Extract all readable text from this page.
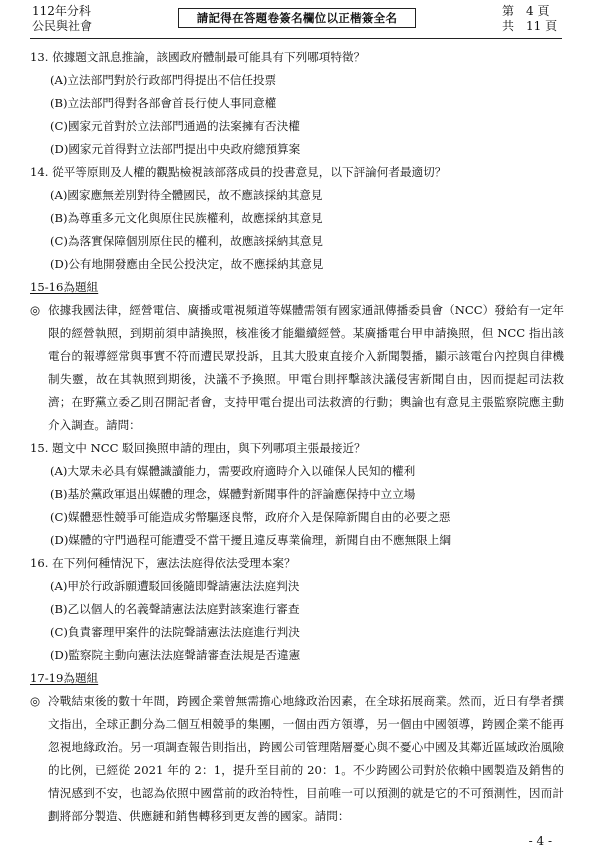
112年分科
公民與社會
請記得在答題卷簽名欄位以正楷簽全名	第　4 頁
共　11 頁
13. 依據題文訊息推論，該國政府體制最可能具有下列哪項特徵？
(A)立法部門對於行政部門得提出不信任投票
(B)立法部門得對各部會首長行使人事同意權
(C)國家元首對於立法部門通過的法案擁有否決權
(D)國家元首得對立法部門提出中央政府總預算案
14. 從平等原則及人權的觀點檢視該部落成員的投書意見，以下評論何者最適切？
(A)國家應無差別對待全體國民，故不應該採納其意見
(B)為尊重多元文化與原住民族權利，故應採納其意見
(C)為落實保障個別原住民的權利，故應該採納其意見
(D)公有地開發應由全民公投決定，故不應採納其意見
15-16為題組
◎ 依據我國法律，經營電信、廣播或電視頻道等媒體需領有國家通訊傳播委員會（NCC）發給有一定年限的經營執照，到期前須申請換照，核准後才能繼續經營。某廣播電台甲申請換照，但 NCC 指出該電台的報導經常與事實不符而遭民眾投訴，且其大股東直接介入新聞製播，顯示該電台內控與自律機制失靈，故在其執照到期後，決議不予換照。甲電台則抨擊該決議侵害新聞自由，因而提起司法救濟；在野黨立委乙則召開記者會，支持甲電台提出司法救濟的行動；輿論也有意見主張監察院應主動介入調查。請問：
15. 題文中 NCC 駁回換照申請的理由，與下列哪項主張最接近？
(A)大眾未必具有媒體識讀能力，需要政府適時介入以確保人民知的權利
(B)基於黨政軍退出媒體的理念，媒體對新聞事件的評論應保持中立立場
(C)媒體惡性競爭可能造成劣幣驅逐良幣，政府介入是保障新聞自由的必要之惡
(D)媒體的守門過程可能遭受不當干擾且違反專業倫理，新聞自由不應無限上綱
16. 在下列何種情況下，憲法法庭得依法受理本案？
(A)甲於行政訴願遭駁回後隨即聲請憲法法庭判決
(B)乙以個人的名義聲請憲法法庭對該案進行審查
(C)負責審理甲案件的法院聲請憲法法庭進行判決
(D)監察院主動向憲法法庭聲請審查法規是否違憲
17-19為題組
◎ 冷戰結束後的數十年間，跨國企業曾無需擔心地緣政治因素，在全球拓展商業。然而，近日有學者撰文指出，全球正劃分為二個互相競爭的集團，一個由西方領導，另一個由中國領導，跨國企業不能再忽視地緣政治。另一項調查報告則指出，跨國公司管理階層憂心與不憂心中國及其鄰近區域政治風險的比例，已經從 2021 年的 2：1，提升至目前的 20：1。不少跨國公司對於依賴中國製造及銷售的情況感到不安，也認為依照中國當前的政治特性，目前唯一可以預測的就是它的不可預測性，因而計劃將部分製造、供應鏈和銷售轉移到更友善的國家。請問：
- 4 -
